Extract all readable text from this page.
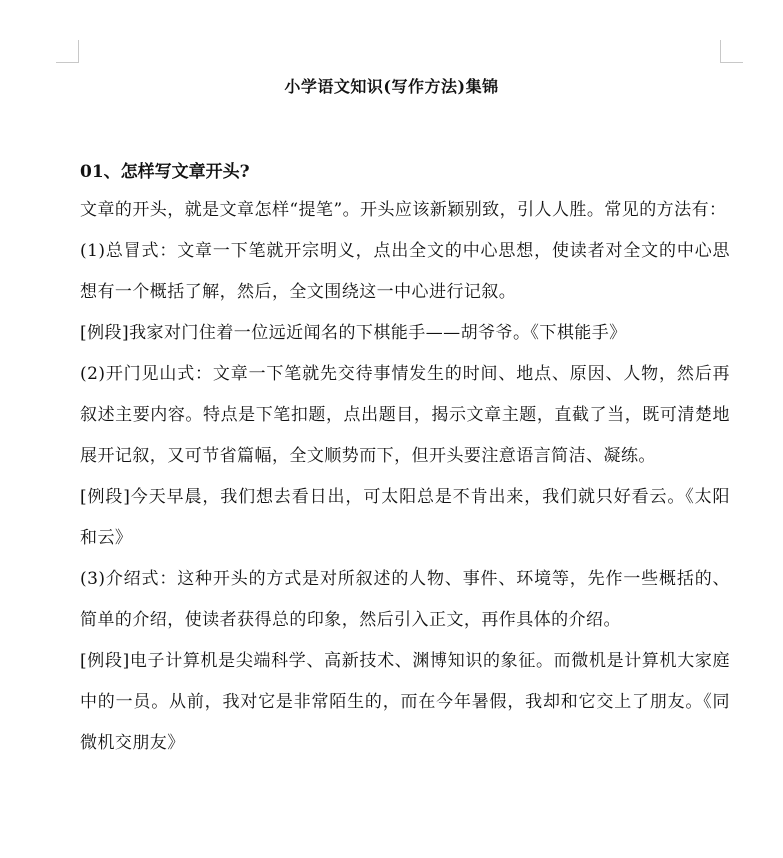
小学语文知识(写作方法)集锦
01、怎样写文章开头?

文章的开头，就是文章怎样“提笔”。开头应该新颖别致，引人人胜。常见的方法有：

(1)总冒式：文章一下笔就开宗明义，点出全文的中心思想，使读者对全文的中心思想有一个概括了解，然后，全文围绕这一中心进行记叙。

[例段]我家对门住着一位远近闻名的下棋能手——胡爷爷。《下棋能手》

(2)开门见山式：文章一下笔就先交待事情发生的时间、地点、原因、人物，然后再叙述主要内容。特点是下笔扣题，点出题目，揭示文章主题，直截了当，既可清楚地展开记叙，又可节省篇幅，全文顺势而下，但开头要注意语言简洁、凝练。

[例段]今天早晨，我们想去看日出，可太阳总是不肯出来，我们就只好看云。《太阳和云》

(3)介绍式：这种开头的方式是对所叙述的人物、事件、环境等，先作一些概括的、简单的介绍，使读者获得总的印象，然后引入正文，再作具体的介绍。

[例段]电子计算机是尖端科学、高新技术、渊博知识的象征。而微机是计算机大家庭中的一员。从前，我对它是非常陌生的，而在今年暑假，我却和它交上了朋友。《同微机交朋友》
